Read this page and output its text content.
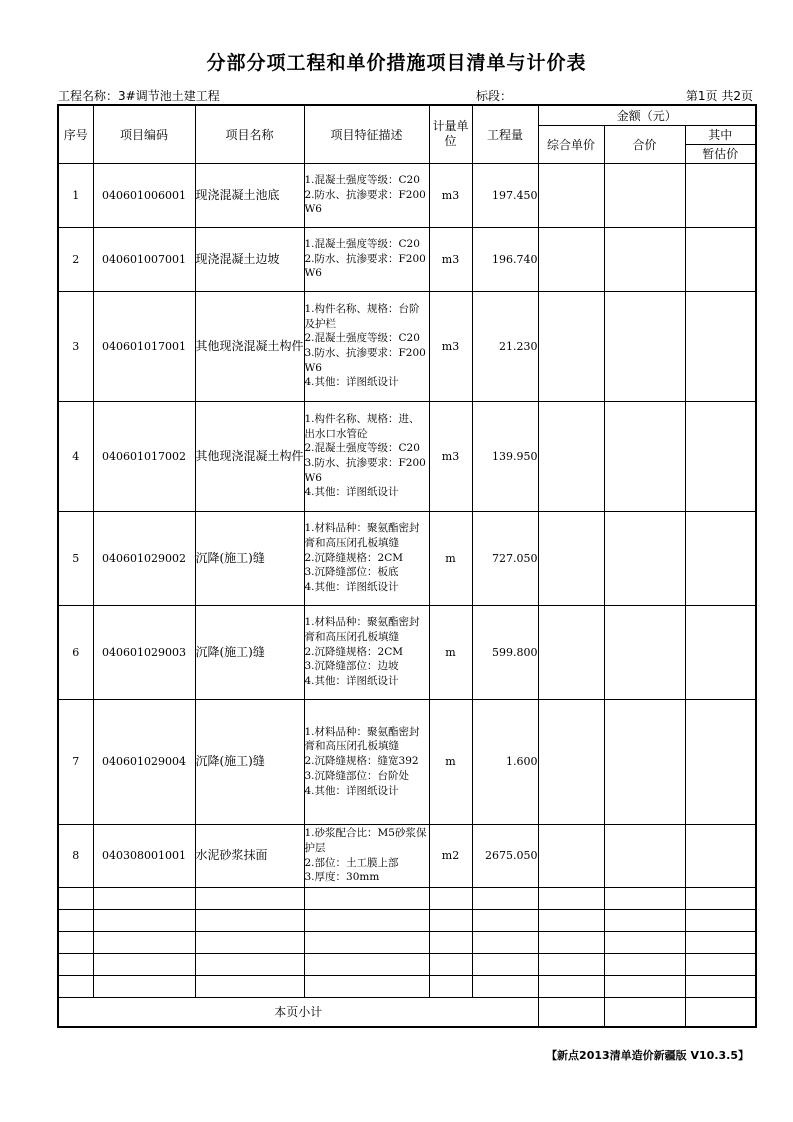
分部分项工程和单价措施项目清单与计价表
工程名称：3#调节池土建工程	标段：	第1页 共2页
序号	项目编码	项目名称	项目特征描述	计量单位	工程量	金额（元）		
						综合单价	合价	其中
								暂估价
1	040601006001	现浇混凝土池底	1.混凝土强度等级：C20
2.防水、抗渗要求：F200W6	m3	197.450			
2	040601007001	现浇混凝土边坡	1.混凝土强度等级：C20
2.防水、抗渗要求：F200W6	m3	196.740			
3	040601017001	其他现浇混凝土构件	1.构件名称、规格：台阶及护栏
2.混凝土强度等级：C20
3.防水、抗渗要求：F200W6
4.其他：详图纸设计	m3	21.230			
4	040601017002	其他现浇混凝土构件	1.构件名称、规格：进、出水口水管砼
2.混凝土强度等级：C20
3.防水、抗渗要求：F200W6
4.其他：详图纸设计	m3	139.950			
5	040601029002	沉降(施工)缝	1.材料品种：聚氨酯密封膏和高压闭孔板填缝
2.沉降缝规格：2CM
3.沉降缝部位：板底
4.其他：详图纸设计	m	727.050			
6	040601029003	沉降(施工)缝	1.材料品种：聚氨酯密封膏和高压闭孔板填缝
2.沉降缝规格：2CM
3.沉降缝部位：边坡
4.其他：详图纸设计	m	599.800			
7	040601029004	沉降(施工)缝	1.材料品种：聚氨酯密封膏和高压闭孔板填缝
2.沉降缝规格：缝宽392
3.沉降缝部位：台阶处
4.其他：详图纸设计	m	1.600			
8	040308001001	水泥砂浆抹面	1.砂浆配合比：M5砂浆保护层
2.部位：土工膜上部
3.厚度：30mm	m2	2675.050			

本页小计								
【新点2013清单造价新疆版 V10.3.5】
